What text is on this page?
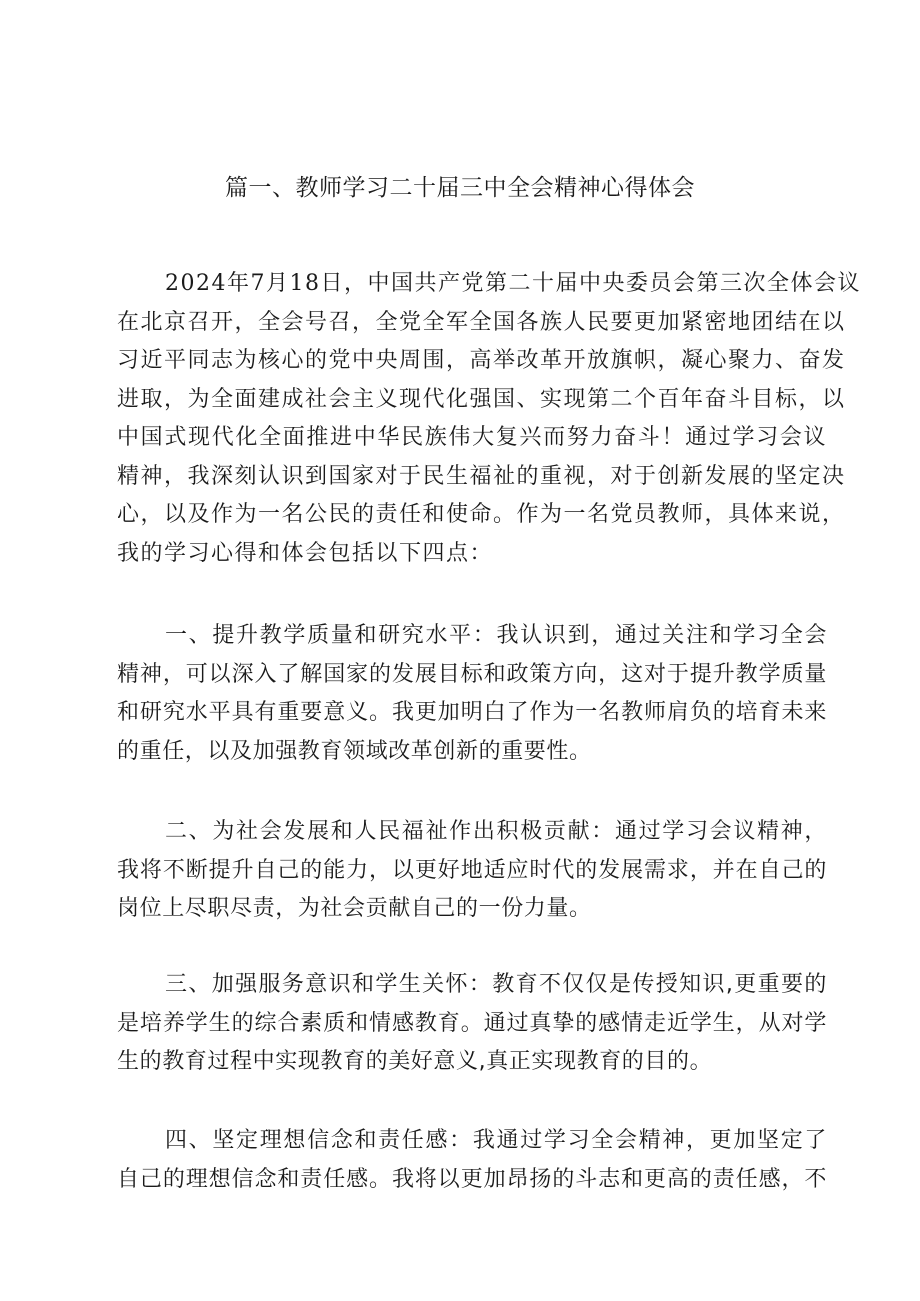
篇一、教师学习二十届三中全会精神心得体会
2024年7月18日，中国共产党第二十届中央委员会第三次全体会议
在北京召开，全会号召，全党全军全国各族人民要更加紧密地团结在以
习近平同志为核心的党中央周围，高举改革开放旗帜，凝心聚力、奋发
进取，为全面建成社会主义现代化强国、实现第二个百年奋斗目标，以
中国式现代化全面推进中华民族伟大复兴而努力奋斗！通过学习会议
精神，我深刻认识到国家对于民生福祉的重视，对于创新发展的坚定决
心，以及作为一名公民的责任和使命。作为一名党员教师，具体来说，
我的学习心得和体会包括以下四点：
一、提升教学质量和研究水平：我认识到，通过关注和学习全会
精神，可以深入了解国家的发展目标和政策方向，这对于提升教学质量
和研究水平具有重要意义。我更加明白了作为一名教师肩负的培育未来
的重任，以及加强教育领域改革创新的重要性。
二、为社会发展和人民福祉作出积极贡献：通过学习会议精神，
我将不断提升自己的能力，以更好地适应时代的发展需求，并在自己的
岗位上尽职尽责，为社会贡献自己的一份力量。
三、加强服务意识和学生关怀：教育不仅仅是传授知识,更重要的
是培养学生的综合素质和情感教育。通过真挚的感情走近学生，从对学
生的教育过程中实现教育的美好意义,真正实现教育的目的。
四、坚定理想信念和责任感：我通过学习全会精神，更加坚定了
自己的理想信念和责任感。我将以更加昂扬的斗志和更高的责任感，不
